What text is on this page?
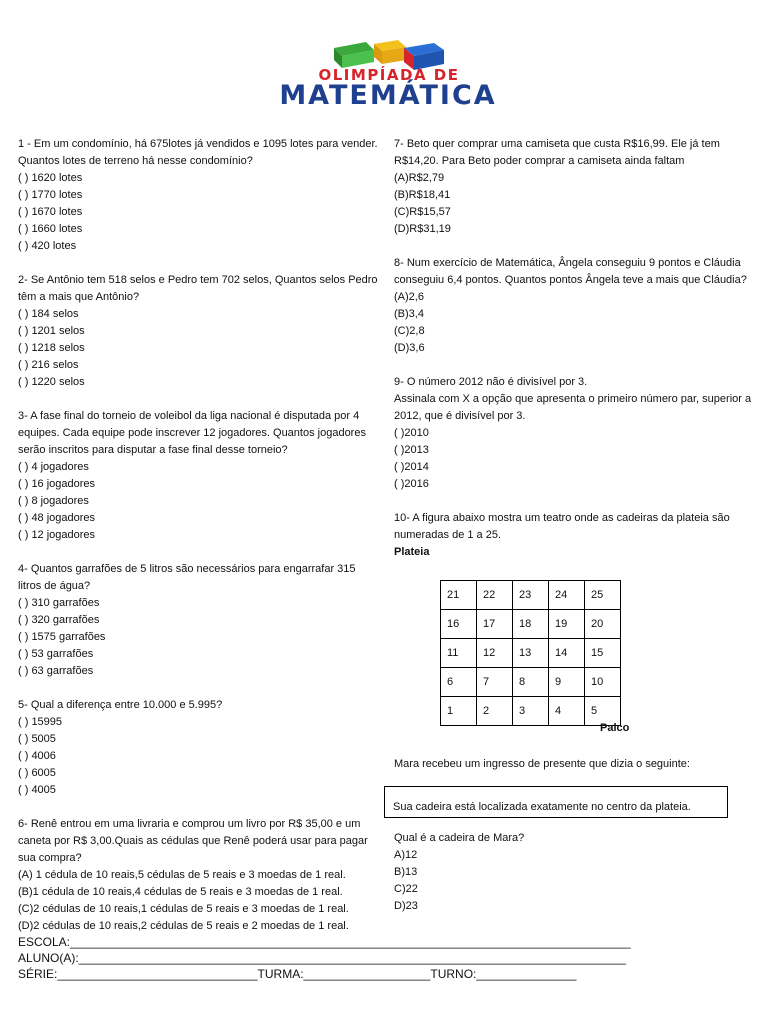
OLIMPÍADA DE
MATEMÁTICA

1 - Em um condomínio, há 675lotes já vendidos e 1095 lotes para vender. Quantos lotes de terreno há nesse condomínio?

( ) 1620 lotes
( ) 1770 lotes
( ) 1670 lotes
( ) 1660 lotes
( ) 420 lotes

2- Se Antônio tem 518 selos e Pedro tem 702 selos, Quantos selos Pedro têm a mais que Antônio?

( ) 184 selos
( ) 1201 selos
( ) 1218 selos
( ) 216 selos
( ) 1220 selos

3- A fase final do torneio de voleibol da liga nacional é disputada por 4 equipes. Cada equipe pode inscrever 12 jogadores. Quantos jogadores serão inscritos para disputar a fase final desse torneio?

( ) 4 jogadores
( ) 16 jogadores
( ) 8 jogadores
( ) 48 jogadores
( ) 12 jogadores

4- Quantos garrafões de 5 litros são necessários para engarrafar 315 litros de água?

( ) 310 garrafões
( ) 320 garrafões
( ) 1575 garrafões
( ) 53 garrafões
( ) 63 garrafões

5- Qual a diferença entre 10.000 e 5.995?

( ) 15995
( ) 5005
( ) 4006
( ) 6005
( ) 4005

6- Renê entrou em uma livraria e comprou um livro por R$ 35,00 e um caneta por R$ 3,00.Quais as cédulas que Renê poderá usar para pagar sua compra?

(A) 1 cédula de 10 reais,5 cédulas de 5 reais e 3 moedas de 1 real.
(B)1 cédula de 10 reais,4 cédulas de 5 reais e 3 moedas de 1 real.
(C)2 cédulas de 10 reais,1 cédulas de 5 reais e 3 moedas de 1 real.
(D)2 cédulas de 10 reais,2 cédulas de 5 reais e 2 moedas de 1 real.

7- Beto quer comprar uma camiseta que custa R$16,99. Ele já tem R$14,20. Para Beto poder comprar a camiseta ainda faltam

(A)R$2,79
(B)R$18,41
(C)R$15,57
(D)R$31,19

8- Num exercício de Matemática, Ângela conseguiu 9 pontos e Cláudia conseguiu 6,4 pontos. Quantos pontos Ângela teve a mais que Cláudia?

(A)2,6
(B)3,4
(C)2,8
(D)3,6

9- O número 2012 não é divisível por 3.

Assinala com X a opção que apresenta o primeiro número par, superior a 2012, que é divisível por 3.

( )2010
( )2013
( )2014
( )2016

10- A figura abaixo mostra um teatro onde as cadeiras da plateia são numeradas de 1 a 25.

Plateia

21	22	23	24	25
16	17	18	19	20
11	12	13	14	15
6	7	8	9	10
1	2	3	4	5
Palco

Mara recebeu um ingresso de presente que dizia o seguinte:

Sua cadeira está localizada exatamente no centro da plateia.

Qual é a cadeira de Mara?

A)12
B)13
C)22
D)23

ESCOLA:____________________________________________________________________________________

ALUNO(A):__________________________________________________________________________________

SÉRIE:______________________________TURMA:___________________TURNO:_______________
